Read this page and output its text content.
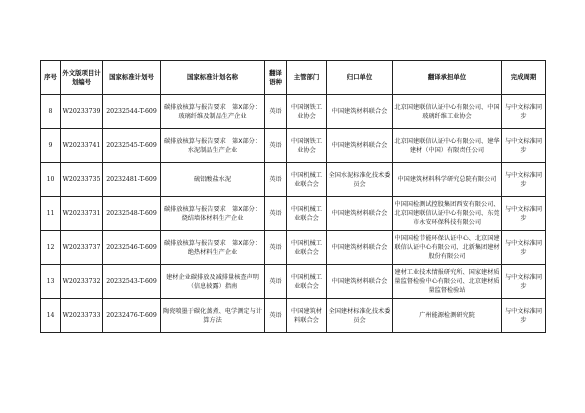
序号	外文版项目计划编号	国家标准计划号	国家标准计划名称	翻译语种	主管部门	归口单位	翻译承担单位	完成周期
8	W20233739	20232544-T-609	碳排放核算与报告要求　第X部分：玻璃纤维及制品生产企业	英语	中国钢铁工业协会	中国建筑材料联合会	北京国建联信认证中心有限公司、中国玻璃纤维工业协会	与中文标准同步
9	W20233741	20232545-T-609	碳排放核算与报告要求　第X部分：水泥制品生产企业	英语	中国钢铁工业协会	中国建筑材料联合会	北京国建联信认证中心有限公司、建华建材（中国）有限责任公司	与中文标准同步
10	W20233735	20232481-T-609	硫铝酸盐水泥	英语	中国机械工业联合会	全国水泥标准化技术委员会	中国建筑材料科学研究总院有限公司	与中文标准同步
11	W20233731	20232548-T-609	碳排放核算与报告要求　第X部分：烧结墙体材料生产企业	英语	中国机械工业联合会	中国建筑材料联合会	中国国检测试控股集团西安有限公司、北京国建联信认证中心有限公司、东莞市永安环保科技有限公司	与中文标准同步
12	W20233737	20232546-T-609	碳排放核算与报告要求　第X部分：绝热材料生产企业	英语	中国机械工业联合会	中国建筑材料联合会	中国国检节能环保认证中心、北京国建联信认证中心有限公司、北新集团建材股份有限公司	与中文标准同步
13	W20233732	20232543-T-609	建材企业碳排放及减排量核查声明（信息披露）指南	英语	中国机械工业联合会	中国建筑材料联合会	建材工业技术情报研究所、国家建材质量监督检验中心有限公司、北京建材质量监督检验站	与中文标准同步
14	W20233733	20232476-T-609	陶瓷喷墨于碳化蒸煮、电学测定与计算方法	英语	中国建筑材料联合会	全国建材标准化技术委员会	广州能源检测研究院	与中文标准同步
